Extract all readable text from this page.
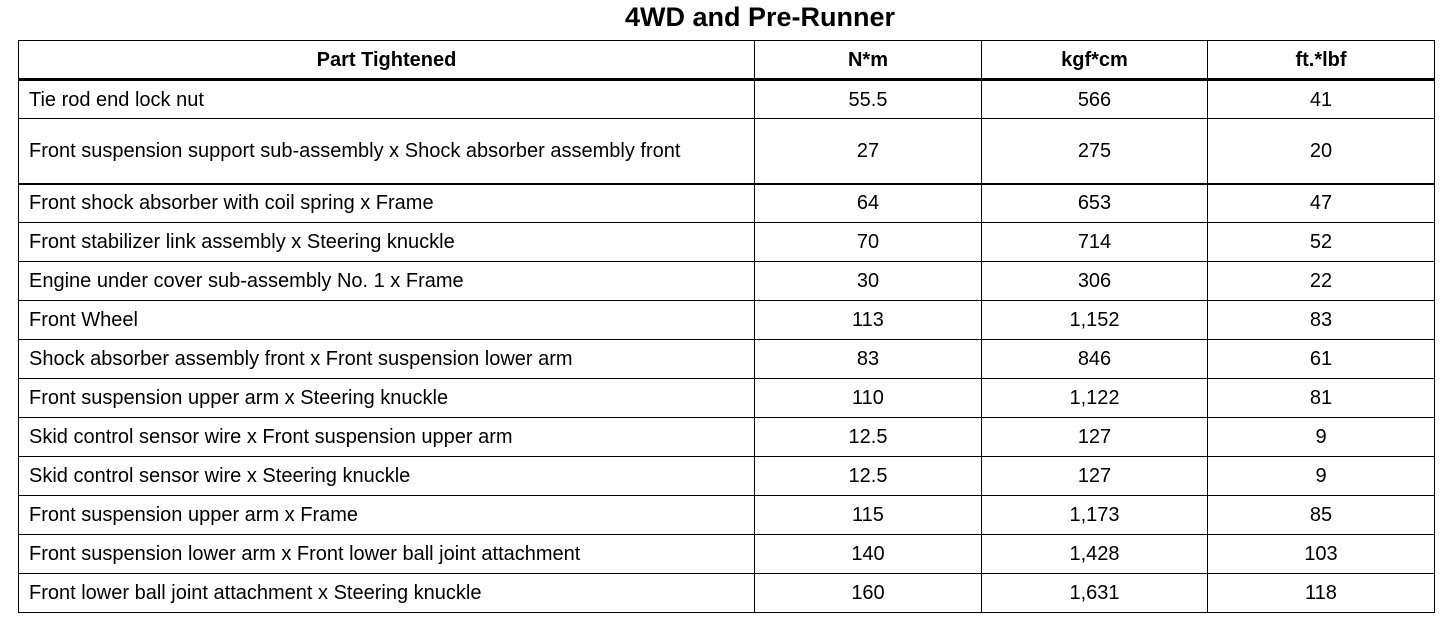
4WD and Pre-Runner
Part Tightened	N*m	kgf*cm	ft.*lbf
Tie rod end lock nut	55.5	566	41
Front suspension support sub-assembly x Shock absorber assembly front	27	275	20
Front shock absorber with coil spring x Frame	64	653	47
Front stabilizer link assembly x Steering knuckle	70	714	52
Engine under cover sub-assembly No. 1 x Frame	30	306	22
Front Wheel	113	1,152	83
Shock absorber assembly front x Front suspension lower arm	83	846	61
Front suspension upper arm x Steering knuckle	110	1,122	81
Skid control sensor wire x Front suspension upper arm	12.5	127	9
Skid control sensor wire x Steering knuckle	12.5	127	9
Front suspension upper arm x Frame	115	1,173	85
Front suspension lower arm x Front lower ball joint attachment	140	1,428	103
Front lower ball joint attachment x Steering knuckle	160	1,631	118
